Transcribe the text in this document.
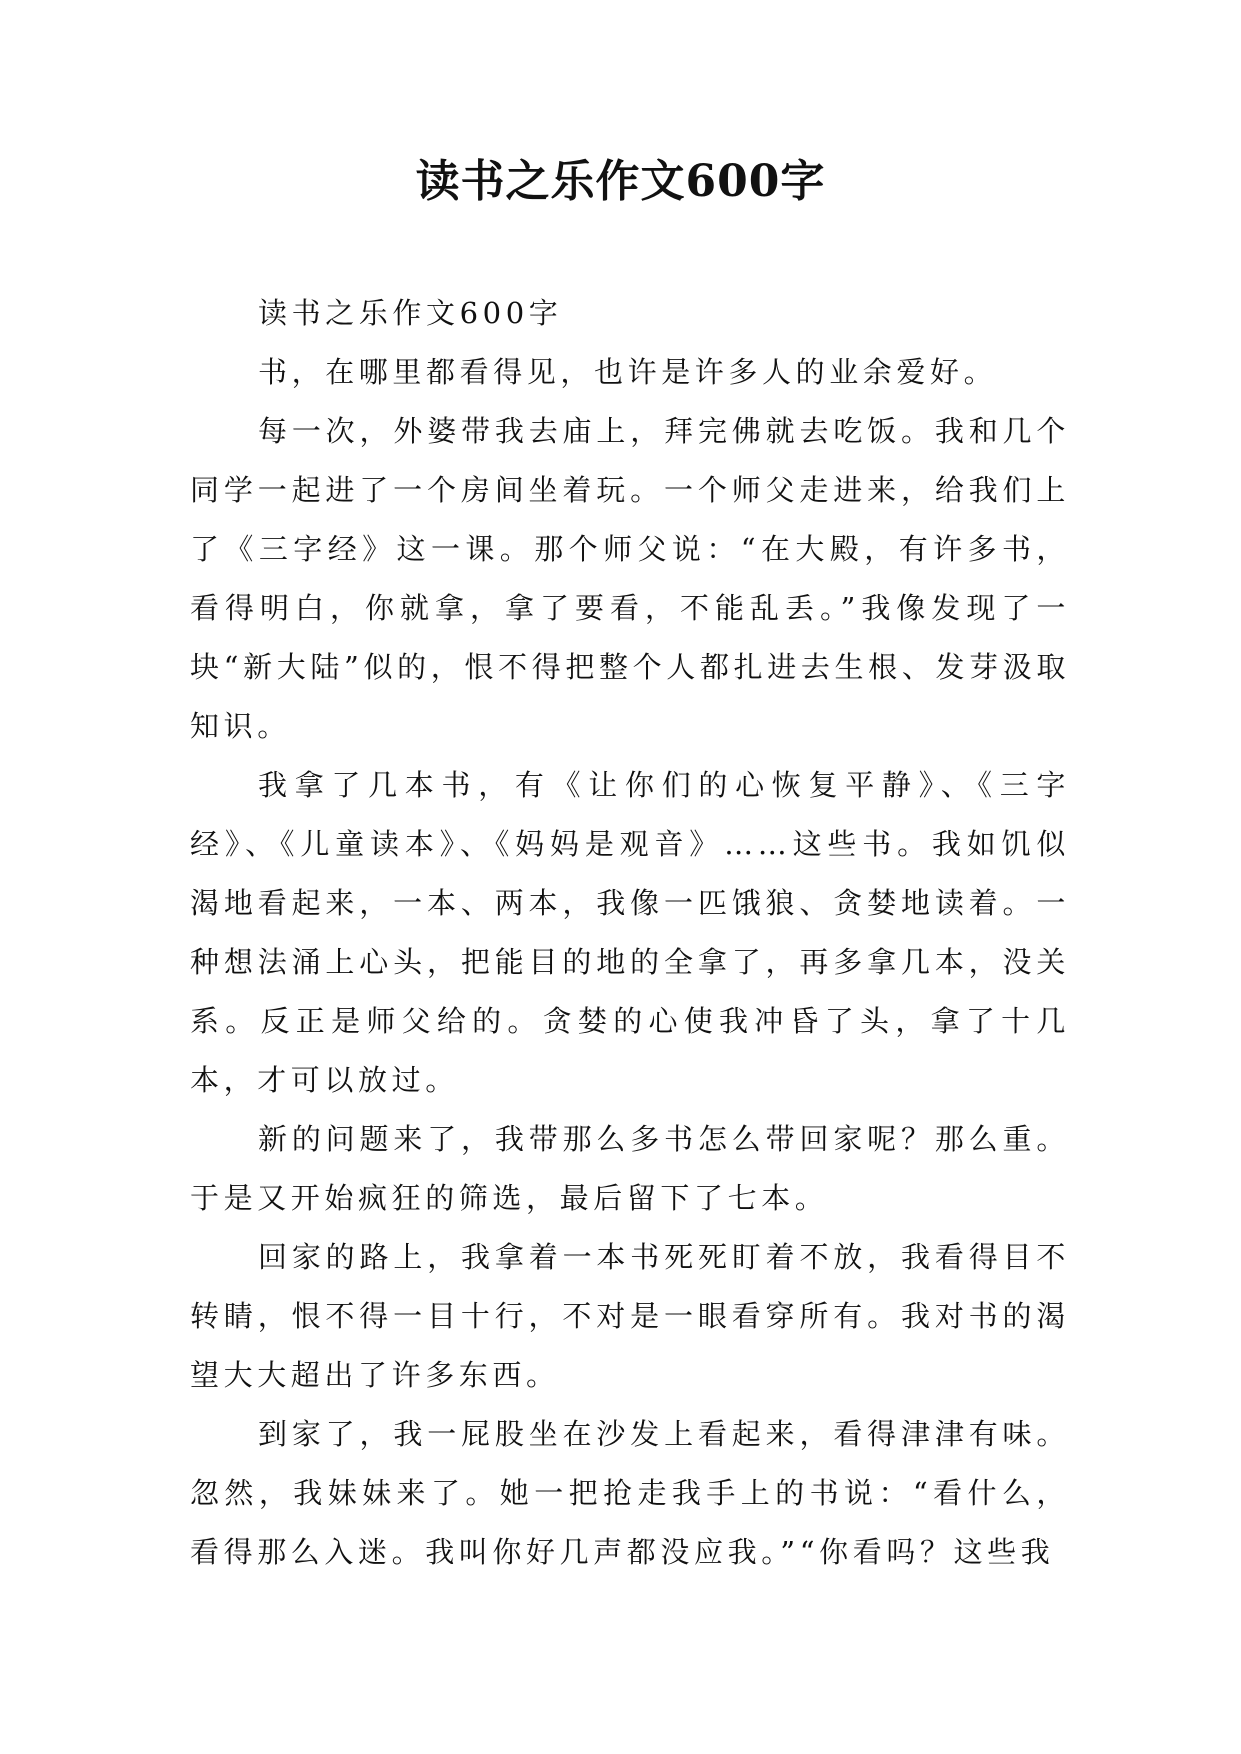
读书之乐作文600字

读书之乐作文600字

书，在哪里都看得见，也许是许多人的业余爱好。

每一次，外婆带我去庙上，拜完佛就去吃饭。我和几个同学一起进了一个房间坐着玩。一个师父走进来，给我们上了《三字经》这一课。那个师父说：“在大殿，有许多书，看得明白，你就拿，拿了要看，不能乱丢。”我像发现了一块“新大陆”似的，恨不得把整个人都扎进去生根、发芽汲取知识。

我拿了几本书，有《让你们的心恢复平静》、《三字经》、《儿童读本》、《妈妈是观音》……这些书。我如饥似渴地看起来，一本、两本，我像一匹饿狼、贪婪地读着。一种想法涌上心头，把能目的地的全拿了，再多拿几本，没关系。反正是师父给的。贪婪的心使我冲昏了头，拿了十几本，才可以放过。

新的问题来了，我带那么多书怎么带回家呢？那么重。于是又开始疯狂的筛选，最后留下了七本。

回家的路上，我拿着一本书死死盯着不放，我看得目不转睛，恨不得一目十行，不对是一眼看穿所有。我对书的渴望大大超出了许多东西。

到家了，我一屁股坐在沙发上看起来，看得津津有味。忽然，我妹妹来了。她一把抢走我手上的书说：“看什么，看得那么入迷。我叫你好几声都没应我。”“你看吗？这些我
